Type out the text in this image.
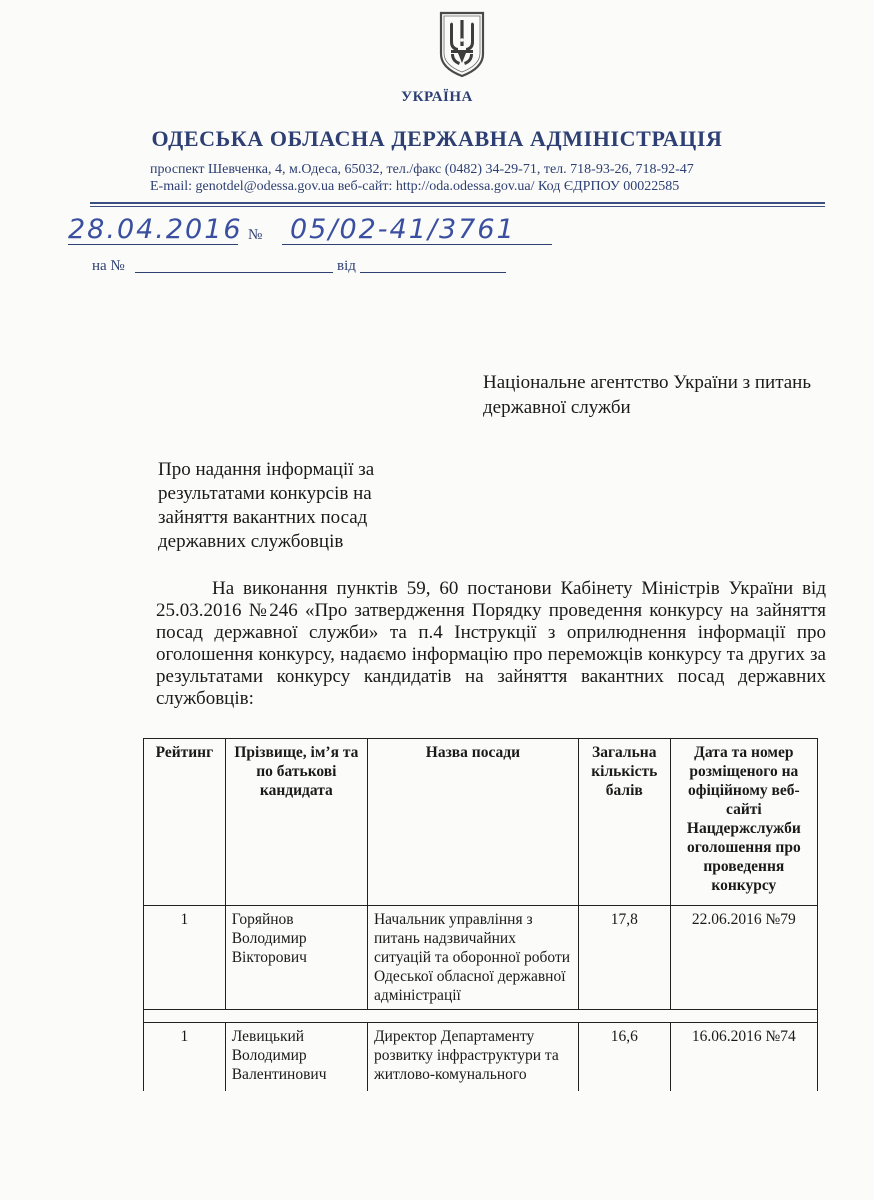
УКРАЇНА
ОДЕСЬКА ОБЛАСНА ДЕРЖАВНА АДМІНІСТРАЦІЯ
проспект Шевченка, 4, м.Одеса, 65032, тел./факс (0482) 34-29-71, тел. 718-93-26, 718-92-47
E-mail: genotdel@odessa.gov.ua веб-сайт: http://oda.odessa.gov.ua/ Код ЄДРПОУ 00022585
28.04.2016 № 05/02-41/3761
на №	від
Національне агентство України з питань державної служби
Про надання інформації за результатами конкурсів на зайняття вакантних посад державних службовців
На виконання пунктів 59, 60 постанови Кабінету Міністрів України від 25.03.2016 №246 «Про затвердження Порядку проведення конкурсу на зайняття посад державної служби» та п.4 Інструкції з оприлюднення інформації про оголошення конкурсу, надаємо інформацію про переможців конкурсу та других за результатами конкурсу кандидатів на зайняття вакантних посад державних службовців:
Рейтинг	Прізвище, ім’я та по батькові кандидата	Назва посади	Загальна кількість балів	Дата та номер розміщеного на офіційному веб-сайті Нацдержслужби оголошення про проведення конкурсу
1	Горяйнов Володимир Вікторович	Начальник управління з питань надзвичайних ситуацій та оборонної роботи Одеської обласної державної адміністрації	17,8	22.06.2016 №79

1	Левицький Володимир Валентинович	Директор Департаменту розвитку інфраструктури та житлово-комунального	16,6	16.06.2016 №74
